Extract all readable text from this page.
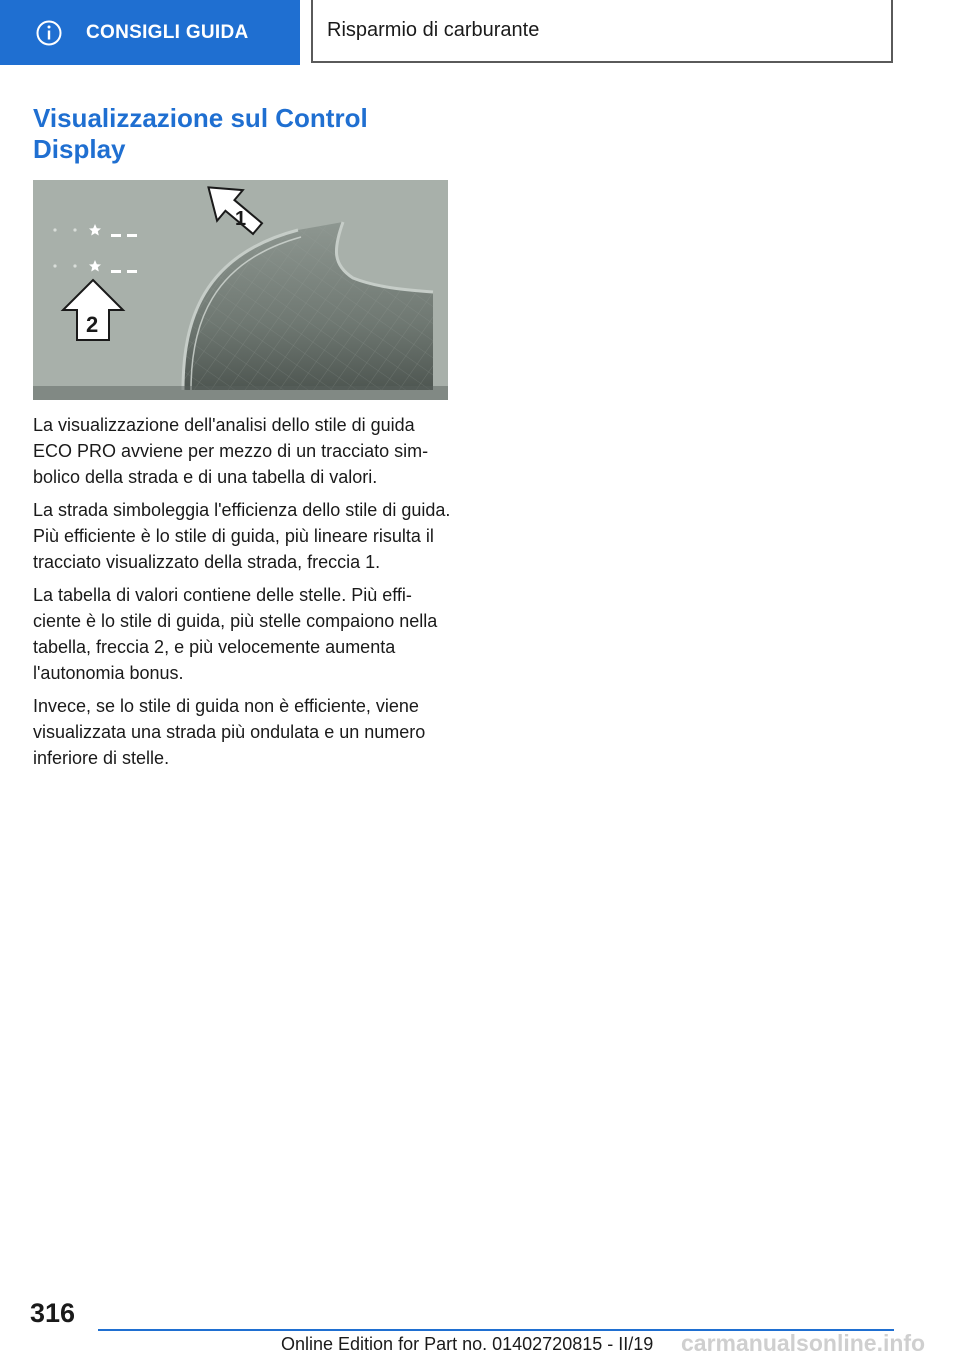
CONSIGLI GUIDA	Risparmio di carburante
Visualizzazione sul Control Display
1
2

La visualizzazione dell'analisi dello stile di guida ECO PRO avviene per mezzo di un tracciato simbolico della strada e di una tabella di valori.

La strada simboleggia l'efficienza dello stile di guida. Più efficiente è lo stile di guida, più lineare risulta il tracciato visualizzato della strada, freccia 1.

La tabella di valori contiene delle stelle. Più efficiente è lo stile di guida, più stelle compaiono nella tabella, freccia 2, e più velocemente aumenta l'autonomia bonus.

Invece, se lo stile di guida non è efficiente, viene visualizzata una strada più ondulata e un numero inferiore di stelle.

316
Online Edition for Part no. 01402720815 - II/19 carmanualsonline.info
